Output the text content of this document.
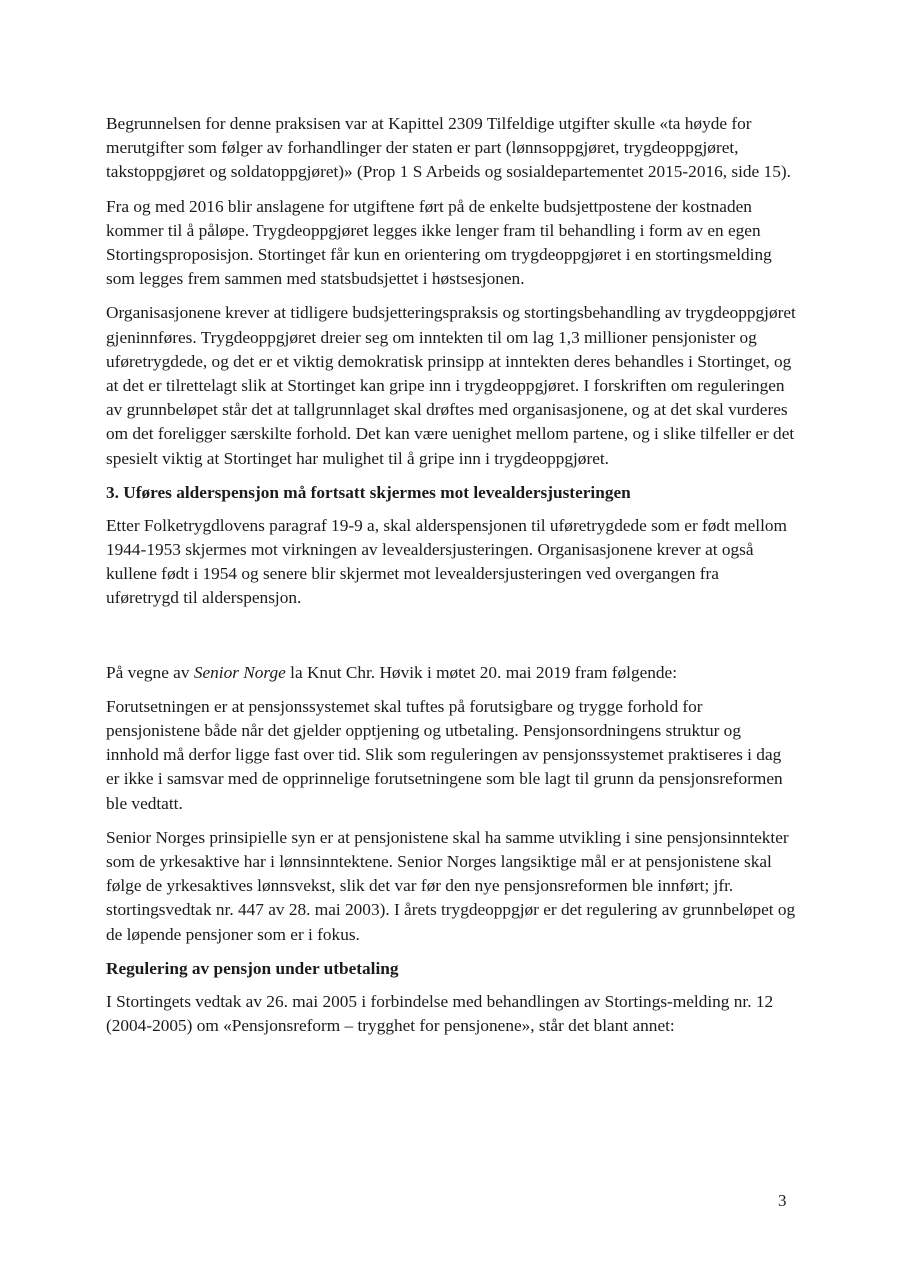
Begrunnelsen for denne praksisen var at Kapittel 2309 Tilfeldige utgifter skulle «ta høyde for merutgifter som følger av forhandlinger der staten er part (lønnsoppgjøret, trygdeoppgjøret, takstoppgjøret og soldatoppgjøret)» (Prop 1 S Arbeids og sosialdepartementet 2015-2016, side 15).

Fra og med 2016 blir anslagene for utgiftene ført på de enkelte budsjettpostene der kostnaden kommer til å påløpe. Trygdeoppgjøret legges ikke lenger fram til behandling i form av en egen Stortingsproposisjon. Stortinget får kun en orientering om trygdeoppgjøret i en stortingsmelding som legges frem sammen med statsbudsjettet i høstsesjonen.

Organisasjonene krever at tidligere budsjetteringspraksis og stortingsbehandling av trygdeoppgjøret gjeninnføres. Trygdeoppgjøret dreier seg om inntekten til om lag 1,3 millioner pensjonister og uføretrygdede, og det er et viktig demokratisk prinsipp at inntekten deres behandles i Stortinget, og at det er tilrettelagt slik at Stortinget kan gripe inn i trygdeoppgjøret. I forskriften om reguleringen av grunnbeløpet står det at tallgrunnlaget skal drøftes med organisasjonene, og at det skal vurderes om det foreligger særskilte forhold. Det kan være uenighet mellom partene, og i slike tilfeller er det spesielt viktig at Stortinget har mulighet til å gripe inn i trygdeoppgjøret.

3. Uføres alderspensjon må fortsatt skjermes mot levealdersjusteringen

Etter Folketrygdlovens paragraf 19-9 a, skal alderspensjonen til uføretrygdede som er født mellom 1944-1953 skjermes mot virkningen av levealdersjusteringen. Organisasjonene krever at også kullene født i 1954 og senere blir skjermet mot levealdersjusteringen ved overgangen fra uføretrygd til alderspensjon.

På vegne av Senior Norge la Knut Chr. Høvik i møtet 20. mai 2019 fram følgende:

Forutsetningen er at pensjonssystemet skal tuftes på forutsigbare og trygge forhold for pensjonistene både når det gjelder opptjening og utbetaling. Pensjonsordningens struktur og innhold må derfor ligge fast over tid. Slik som reguleringen av pensjonssystemet praktiseres i dag er ikke i samsvar med de opprinnelige forutsetningene som ble lagt til grunn da pensjonsreformen ble vedtatt.

Senior Norges prinsipielle syn er at pensjonistene skal ha samme utvikling i sine pensjonsinntekter som de yrkesaktive har i lønnsinntektene. Senior Norges langsiktige mål er at pensjonistene skal følge de yrkesaktives lønnsvekst, slik det var før den nye pensjonsreformen ble innført; jfr. stortingsvedtak nr. 447 av 28. mai 2003). I årets trygdeoppgjør er det regulering av grunnbeløpet og de løpende pensjoner som er i fokus.

Regulering av pensjon under utbetaling

I Stortingets vedtak av 26. mai 2005 i forbindelse med behandlingen av Stortings-melding nr. 12 (2004-2005) om «Pensjonsreform – trygghet for pensjonene», står det blant annet:

3
